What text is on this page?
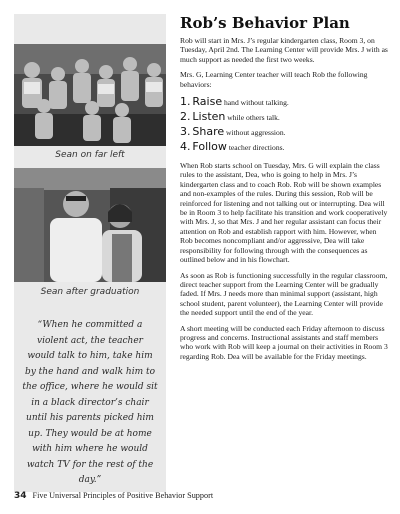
Sean on far left
Sean after graduation
“When he committed a violent act, the teacher would talk to him, take him by the hand and walk him to the office, where he would sit in a black director’s chair until his parents picked him up. They would be at home with him where he would watch TV for the rest of the day.”
Rob’s Behavior Plan

Rob will start in Mrs. J’s regular kindergarten class, Room 3, on Tuesday, April 2nd. The Learning Center will provide Mrs. J with as much support as needed the first two weeks.

Mrs. G, Learning Center teacher will teach Rob the following behaviors:

1. Raise hand without talking.
2. Listen while others talk.
3. Share without aggression.
4. Follow teacher directions.

When Rob starts school on Tuesday, Mrs. G will explain the class rules to the assistant, Dea, who is going to help in Mrs. J’s kindergarten class and to coach Rob. Rob will be shown examples and non-examples of the rules. During this session, Rob will be reinforced for listening and not talking out or interrupting. Dea will be in Room 3 to help facilitate his transition and work cooperatively with Mrs. J, so that Mrs. J and her regular assistant can focus their attention on Rob and establish rapport with him. However, when Rob becomes noncompliant and/or aggressive, Dea will take responsibility for following through with the consequences as outlined below and in his flowchart.

As soon as Rob is functioning successfully in the regular classroom, direct teacher support from the Learning Center will be gradually faded. If Mrs. J needs more than minimal support (assistant, high school student, parent volunteer), the Learning Center will provide the needed support until the end of the year.

A short meeting will be conducted each Friday afternoon to discuss progress and concerns. Instructional assistants and staff members who work with Rob will keep a journal on their activities in Room 3 regarding Rob. Dea will be available for the Friday meetings.

34 Five Universal Principles of Positive Behavior Support
